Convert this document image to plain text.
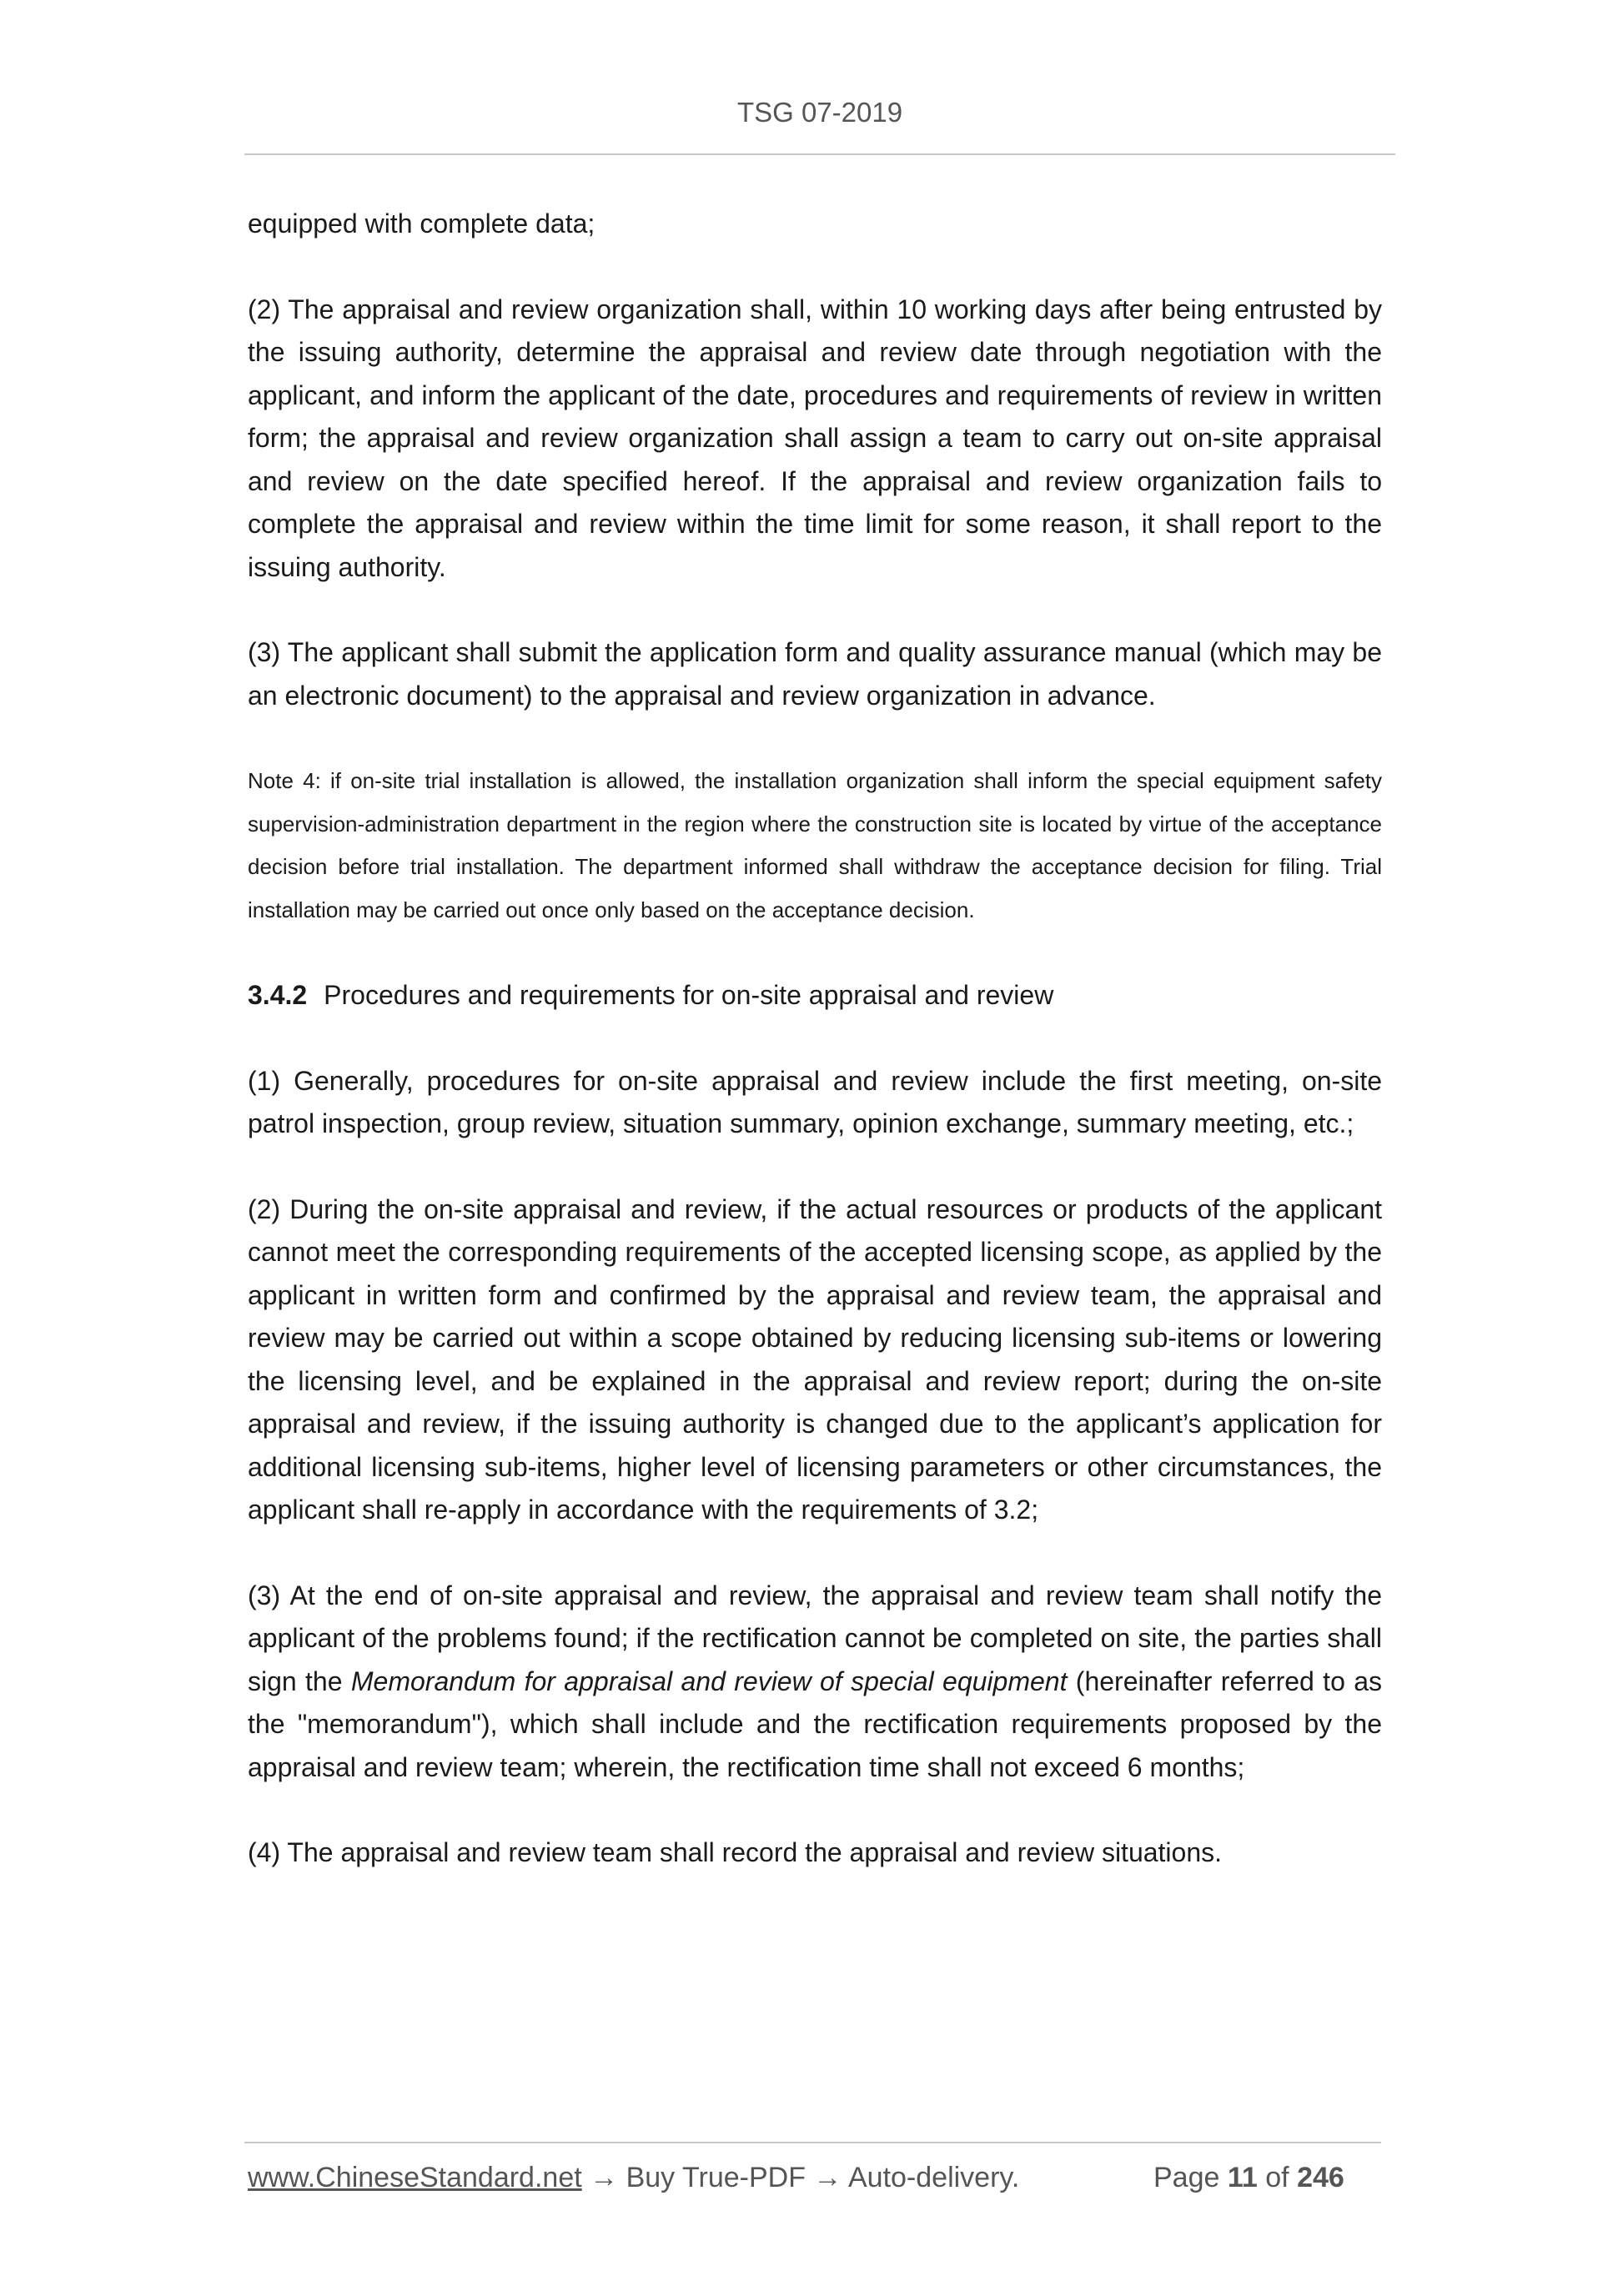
TSG 07-2019

equipped with complete data;

(2) The appraisal and review organization shall, within 10 working days after being entrusted by the issuing authority, determine the appraisal and review date through negotiation with the applicant, and inform the applicant of the date, procedures and requirements of review in written form; the appraisal and review organization shall assign a team to carry out on-site appraisal and review on the date specified hereof. If the appraisal and review organization fails to complete the appraisal and review within the time limit for some reason, it shall report to the issuing authority.

(3) The applicant shall submit the application form and quality assurance manual (which may be an electronic document) to the appraisal and review organization in advance.

Note 4: if on-site trial installation is allowed, the installation organization shall inform the special equipment safety supervision-administration department in the region where the construction site is located by virtue of the acceptance decision before trial installation. The department informed shall withdraw the acceptance decision for filing. Trial installation may be carried out once only based on the acceptance decision.

3.4.2 Procedures and requirements for on-site appraisal and review

(1) Generally, procedures for on-site appraisal and review include the first meeting, on-site patrol inspection, group review, situation summary, opinion exchange, summary meeting, etc.;

(2) During the on-site appraisal and review, if the actual resources or products of the applicant cannot meet the corresponding requirements of the accepted licensing scope, as applied by the applicant in written form and confirmed by the appraisal and review team, the appraisal and review may be carried out within a scope obtained by reducing licensing sub-items or lowering the licensing level, and be explained in the appraisal and review report; during the on-site appraisal and review, if the issuing authority is changed due to the applicant’s application for additional licensing sub-items, higher level of licensing parameters or other circumstances, the applicant shall re-apply in accordance with the requirements of 3.2;

(3) At the end of on-site appraisal and review, the appraisal and review team shall notify the applicant of the problems found; if the rectification cannot be completed on site, the parties shall sign the Memorandum for appraisal and review of special equipment (hereinafter referred to as the "memorandum"), which shall include and the rectification requirements proposed by the appraisal and review team; wherein, the rectification time shall not exceed 6 months;

(4) The appraisal and review team shall record the appraisal and review situations.

www.ChineseStandard.net → Buy True-PDF → Auto-delivery.	Page 11 of 246
